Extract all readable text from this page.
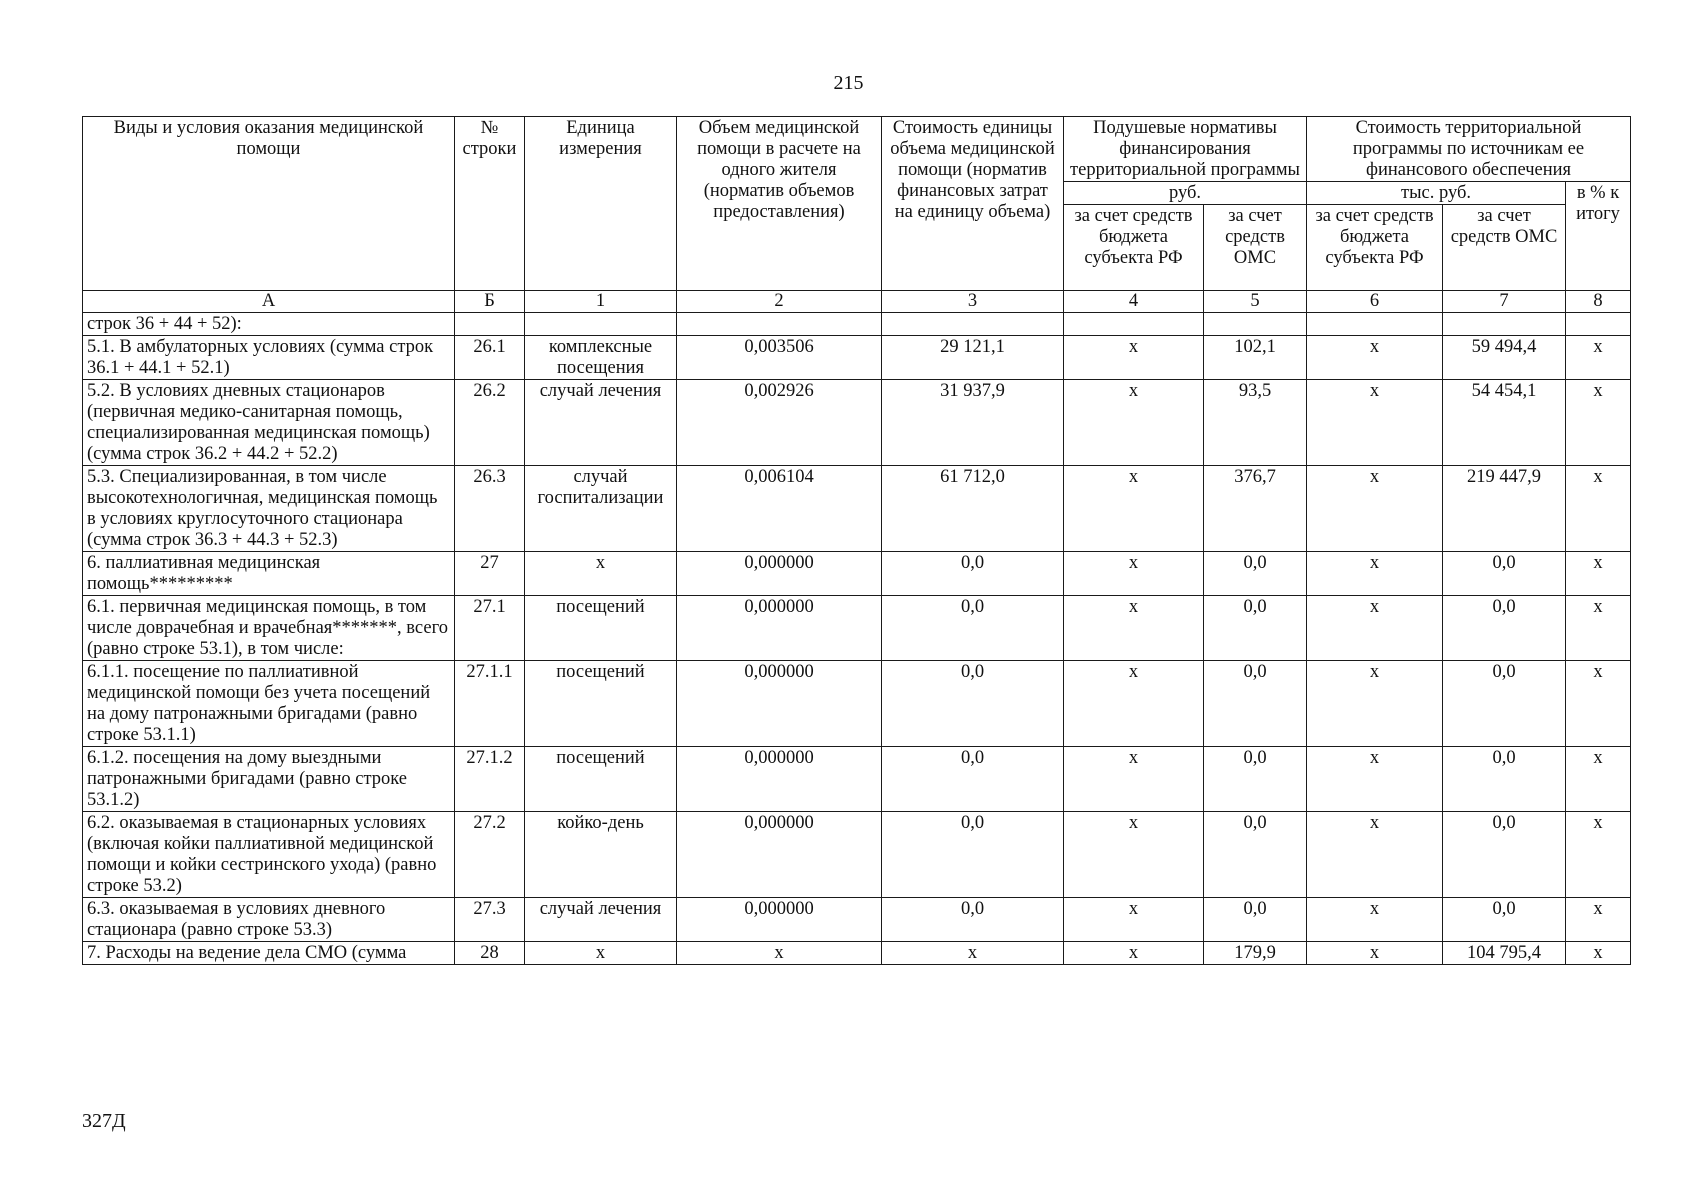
215
Виды и условия оказания медицинской помощи	№ строки	Единица измерения	Объем медицинской помощи в расчете на одного жителя (норматив объемов предоставления)	Стоимость единицы объема медицинской помощи (норматив финансовых затрат на единицу объема)	Подушевые нормативы финансирования территориальной программы		Стоимость территориальной программы по источникам ее финансового обеспечения		
					руб.		тыс. руб.		в % к итогу
					за счет средств бюджета субъекта РФ	за счет средств ОМС	за счет средств бюджета субъекта РФ	за счет средств ОМС	
А	Б	1	2	3	4	5	6	7	8
строк 36 + 44 + 52):									
5.1. В амбулаторных условиях (сумма строк 36.1 + 44.1 + 52.1)	26.1	комплексные посещения	0,003506	29 121,1	х	102,1	х	59 494,4	х
5.2. В условиях дневных стационаров (первичная медико-санитарная помощь, специализированная медицинская помощь) (сумма строк 36.2 + 44.2 + 52.2)	26.2	случай лечения	0,002926	31 937,9	х	93,5	х	54 454,1	х
5.3. Специализированная, в том числе высокотехнологичная, медицинская помощь в условиях круглосуточного стационара (сумма строк 36.3 + 44.3 + 52.3)	26.3	случай госпитализации	0,006104	61 712,0	х	376,7	х	219 447,9	х
6. паллиативная медицинская помощь*********	27	х	0,000000	0,0	х	0,0	х	0,0	х
6.1. первичная медицинская помощь, в том числе доврачебная и врачебная*******, всего (равно строке 53.1), в том числе:	27.1	посещений	0,000000	0,0	х	0,0	х	0,0	х
6.1.1. посещение по паллиативной медицинской помощи без учета посещений на дому патронажными бригадами (равно строке 53.1.1)	27.1.1	посещений	0,000000	0,0	х	0,0	х	0,0	х
6.1.2. посещения на дому выездными патронажными бригадами (равно строке 53.1.2)	27.1.2	посещений	0,000000	0,0	х	0,0	х	0,0	х
6.2. оказываемая в стационарных условиях (включая койки паллиативной медицинской помощи и койки сестринского ухода) (равно строке 53.2)	27.2	койко-день	0,000000	0,0	х	0,0	х	0,0	х
6.3. оказываемая в условиях дневного стационара (равно строке 53.3)	27.3	случай лечения	0,000000	0,0	х	0,0	х	0,0	х
7. Расходы на ведение дела СМО (сумма	28	х	х	х	х	179,9	х	104 795,4	х
327Д
